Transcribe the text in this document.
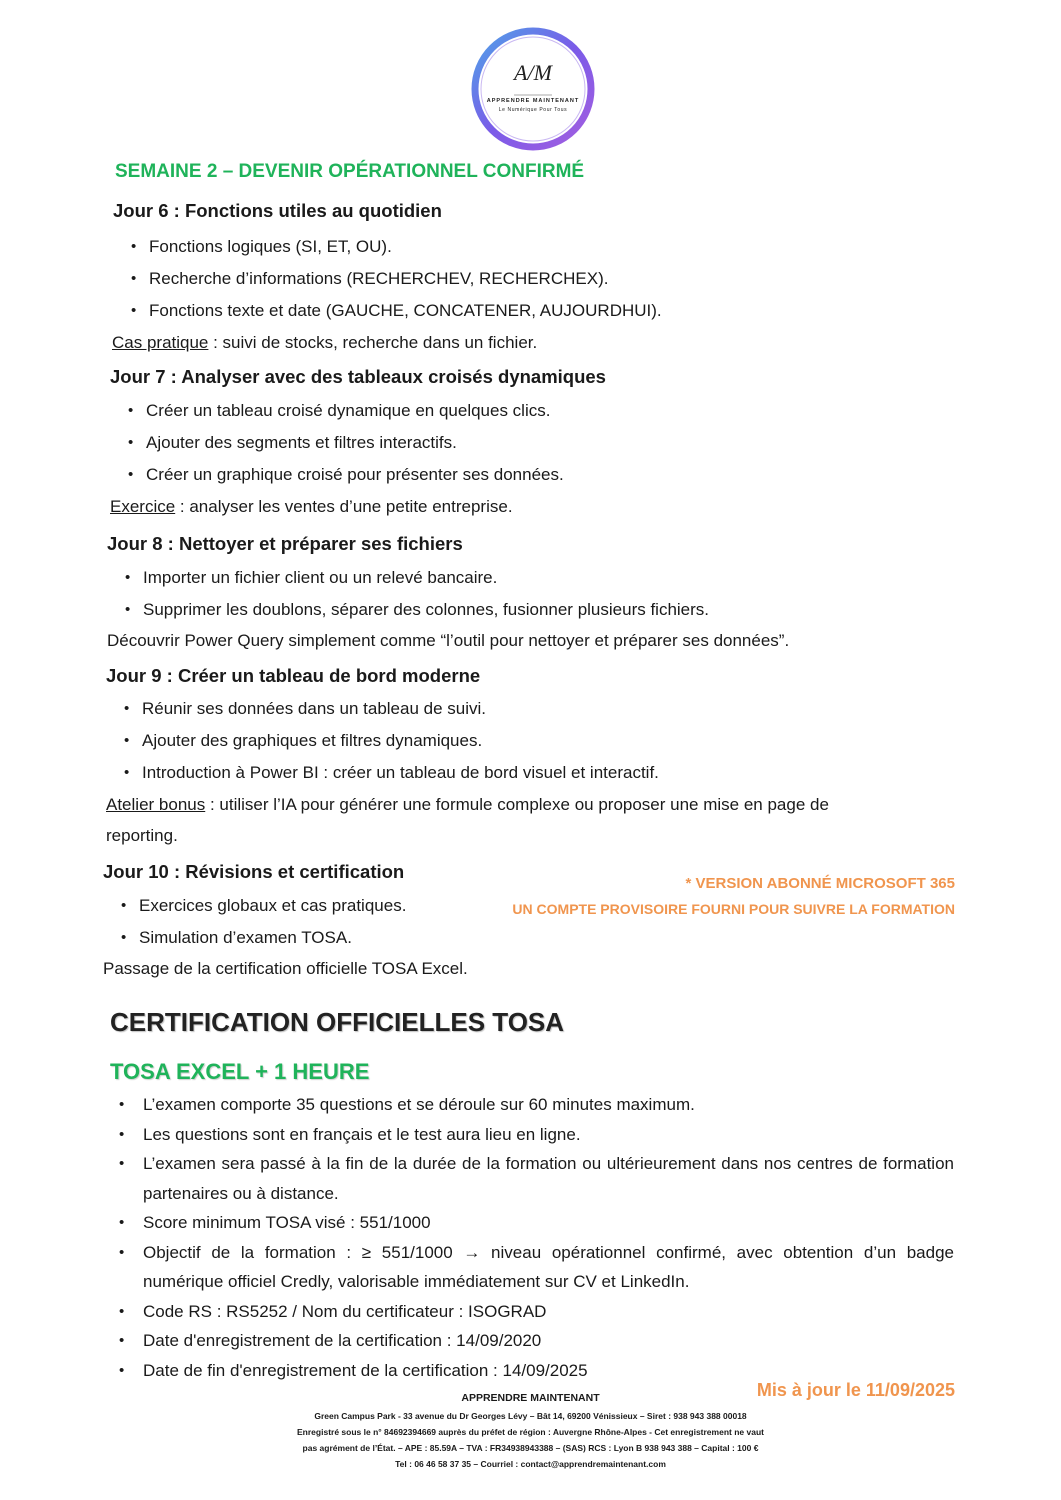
A/M
APPRENDRE MAINTENANT
Le Numérique Pour Tous
SEMAINE 2 – DEVENIR OPÉRATIONNEL CONFIRMÉ
Jour 6 : Fonctions utiles au quotidien
• Fonctions logiques (SI, ET, OU).
• Recherche d’informations (RECHERCHEV, RECHERCHEX).
• Fonctions texte et date (GAUCHE, CONCATENER, AUJOURDHUI).
Cas pratique : suivi de stocks, recherche dans un fichier.
Jour 7 : Analyser avec des tableaux croisés dynamiques
• Créer un tableau croisé dynamique en quelques clics.
• Ajouter des segments et filtres interactifs.
• Créer un graphique croisé pour présenter ses données.
Exercice : analyser les ventes d’une petite entreprise.
Jour 8 : Nettoyer et préparer ses fichiers
• Importer un fichier client ou un relevé bancaire.
• Supprimer les doublons, séparer des colonnes, fusionner plusieurs fichiers.
Découvrir Power Query simplement comme “l’outil pour nettoyer et préparer ses données”.
Jour 9 : Créer un tableau de bord moderne
• Réunir ses données dans un tableau de suivi.
• Ajouter des graphiques et filtres dynamiques.
• Introduction à Power BI : créer un tableau de bord visuel et interactif.
Atelier bonus : utiliser l’IA pour générer une formule complexe ou proposer une mise en page de
reporting.
Jour 10 : Révisions et certification
• Exercices globaux et cas pratiques.
• Simulation d’examen TOSA.
Passage de la certification officielle TOSA Excel.
* VERSION ABONNÉ MICROSOFT 365
UN COMPTE PROVISOIRE FOURNI POUR SUIVRE LA FORMATION
CERTIFICATION OFFICIELLES TOSA
TOSA EXCEL + 1 HEURE
• L’examen comporte 35 questions et se déroule sur 60 minutes maximum.
• Les questions sont en français et le test aura lieu en ligne.
• L’examen sera passé à la fin de la durée de la formation ou ultérieurement dans nos centres de formation partenaires ou à distance.
• Score minimum TOSA visé : 551/1000
• Objectif de la formation : ≥ 551/1000 → niveau opérationnel confirmé, avec obtention d’un badge numérique officiel Credly, valorisable immédiatement sur CV et LinkedIn.
• Code RS : RS5252 / Nom du certificateur : ISOGRAD
• Date d'enregistrement de la certification : 14/09/2020
• Date de fin d'enregistrement de la certification : 14/09/2025
Mis à jour le 11/09/2025
APPRENDRE MAINTENANT
Green Campus Park - 33 avenue du Dr Georges Lévy – Bât 14, 69200 Vénissieux – Siret : 938 943 388 00018
Enregistré sous le n° 84692394669 auprès du préfet de région : Auvergne Rhône-Alpes - Cet enregistrement ne vaut
pas agrément de l’État. – APE : 85.59A – TVA : FR34938943388 – (SAS) RCS : Lyon B 938 943 388 – Capital : 100 €
Tel : 06 46 58 37 35 – Courriel : contact@apprendremaintenant.com
